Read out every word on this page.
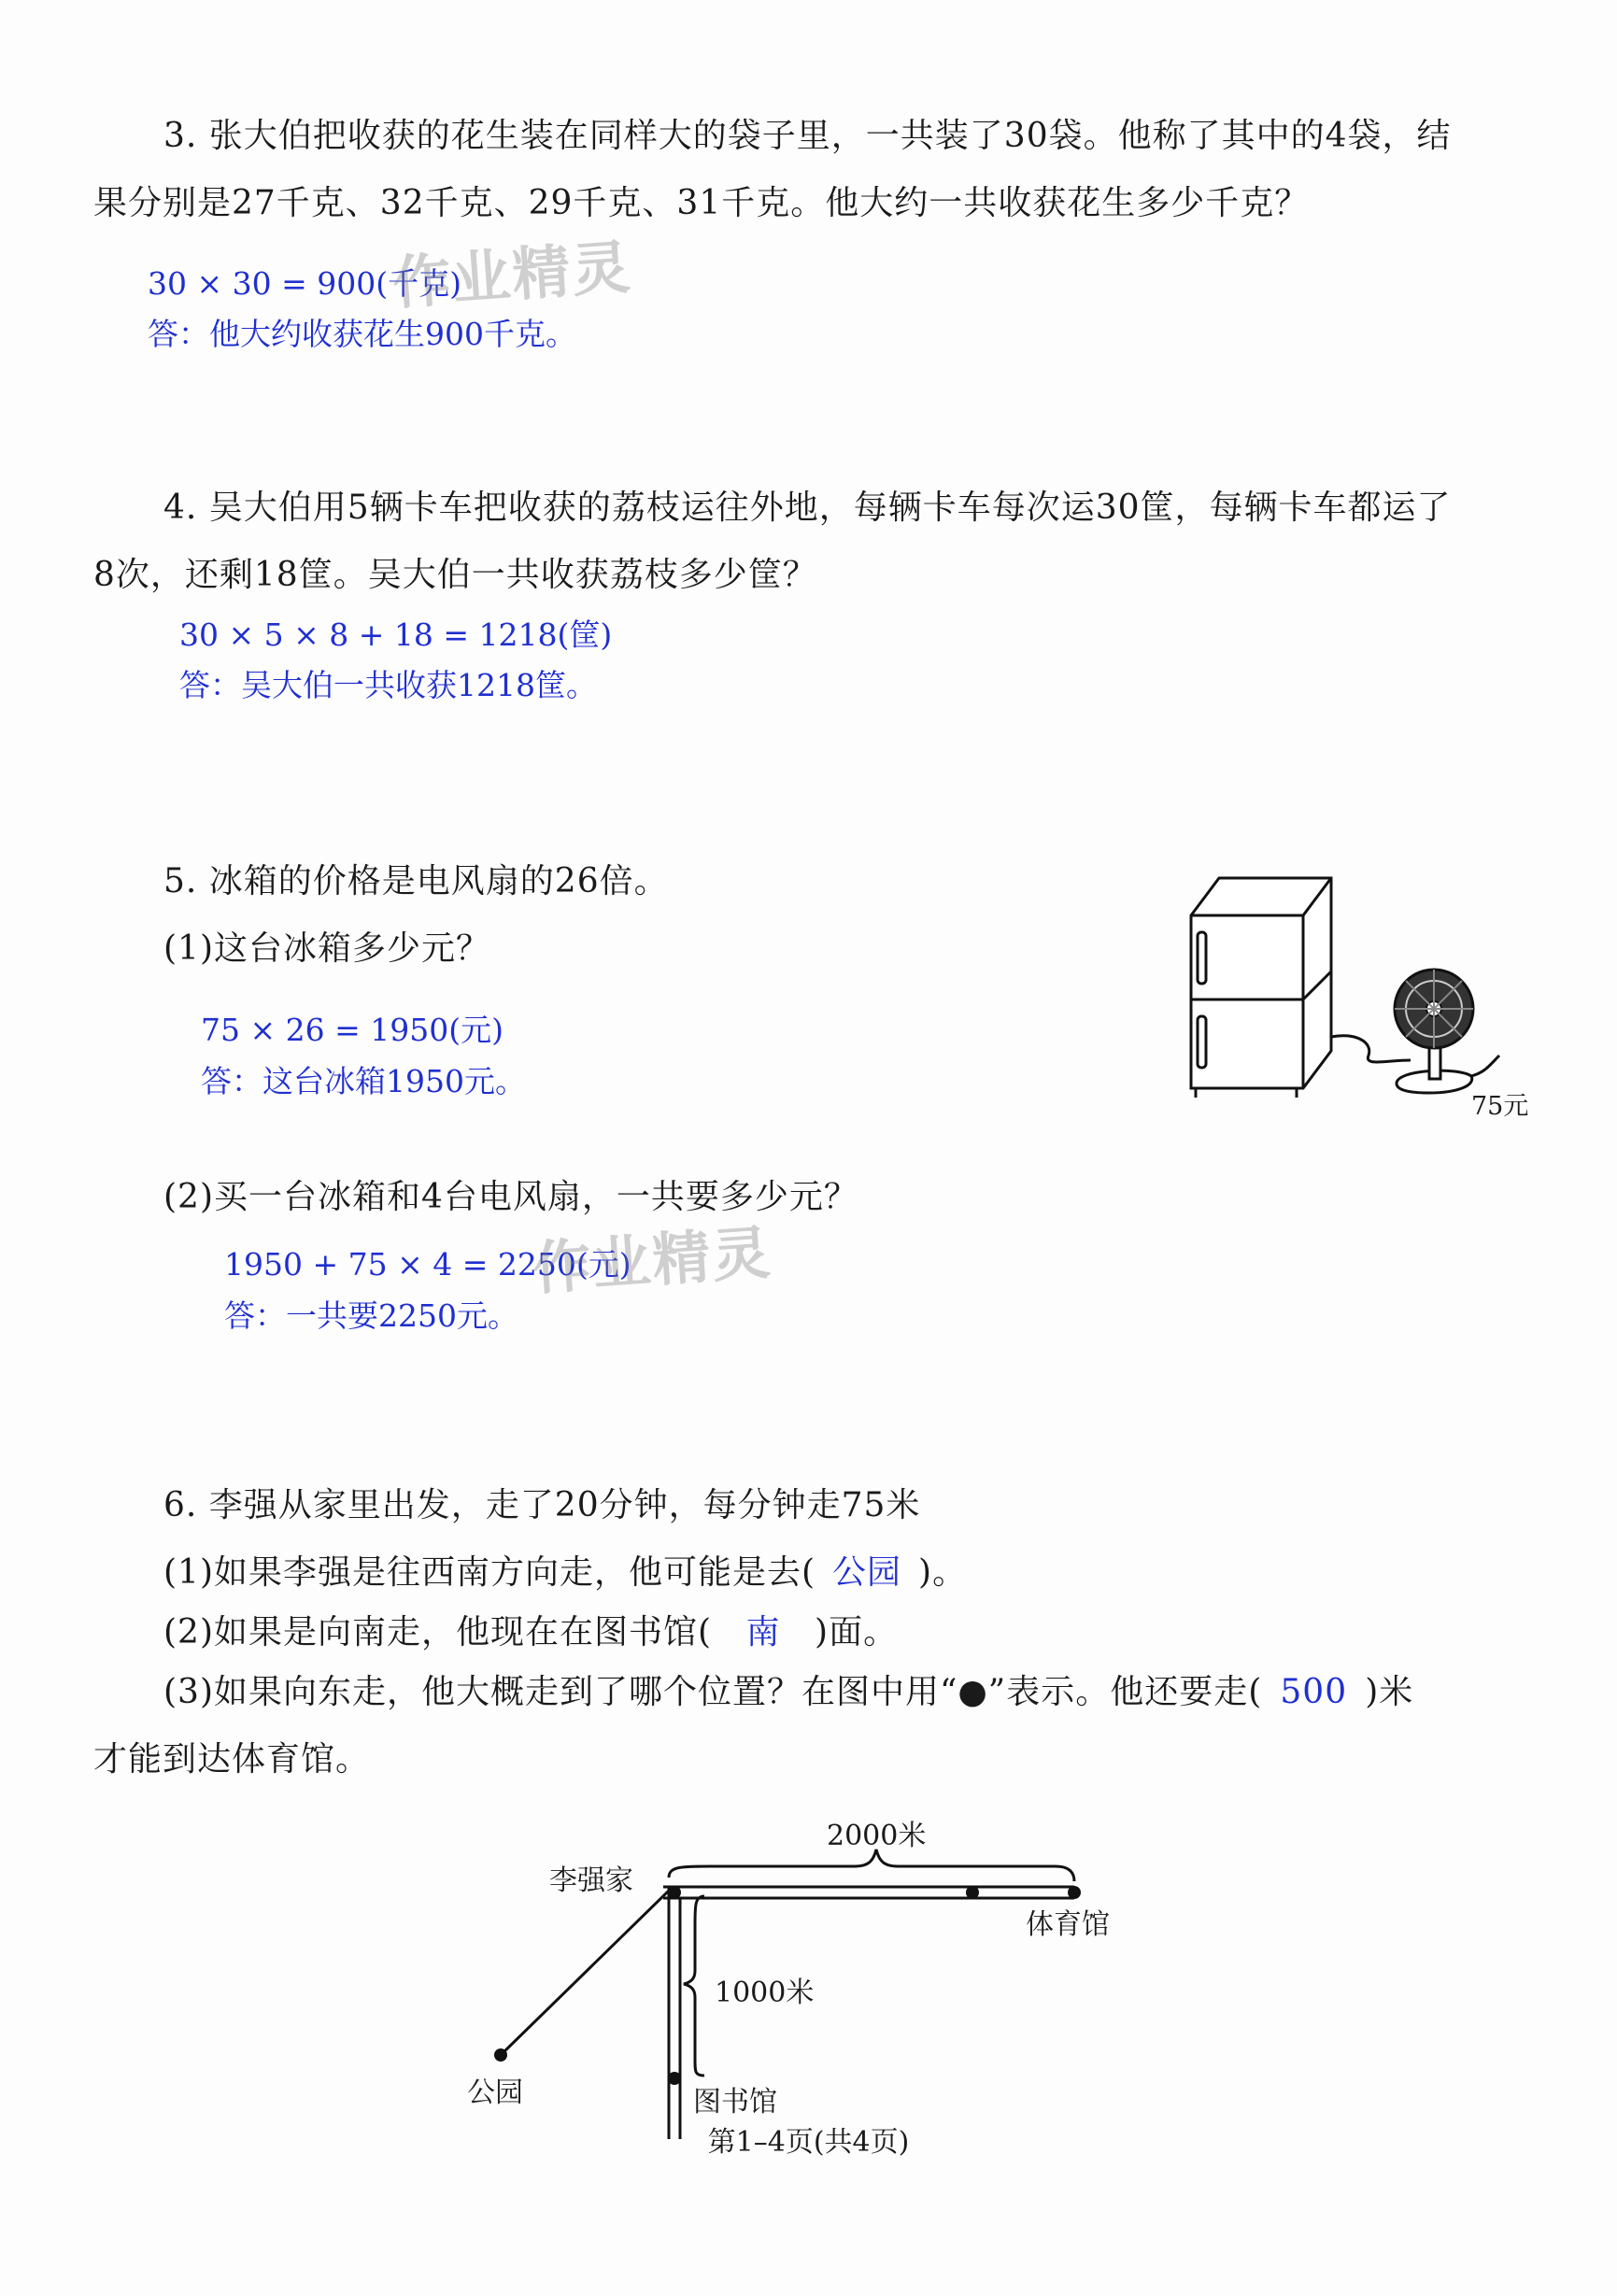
3. 张大伯把收获的花生装在同样大的袋子里，一共装了30袋。他称了其中的4袋，结
果分别是27千克、32千克、29千克、31千克。他大约一共收获花生多少千克？
30 × 30 = 900(千克)
答：他大约收获花生900千克。
作业精灵
4. 吴大伯用5辆卡车把收获的荔枝运往外地，每辆卡车每次运30筐，每辆卡车都运了
8次，还剩18筐。吴大伯一共收获荔枝多少筐？
30 × 5 × 8 + 18 = 1218(筐)
答：吴大伯一共收获1218筐。
5. 冰箱的价格是电风扇的26倍。
(1)这台冰箱多少元？
75 × 26 = 1950(元)
答：这台冰箱1950元。
75元
(2)买一台冰箱和4台电风扇，一共要多少元？
1950 + 75 × 4 = 2250(元)
答：一共要2250元。
作业精灵
6. 李强从家里出发，走了20分钟，每分钟走75米
(1)如果李强是往西南方向走，他可能是去( 公园 )。
(2)如果是向南走，他现在在图书馆( 南 )面。
(3)如果向东走，他大概走到了哪个位置？在图中用“●”表示。他还要走( 500 )米
才能到达体育馆。
李强家
2000米
体育馆
1000米
公园	图书馆
第1–4页(共4页)
